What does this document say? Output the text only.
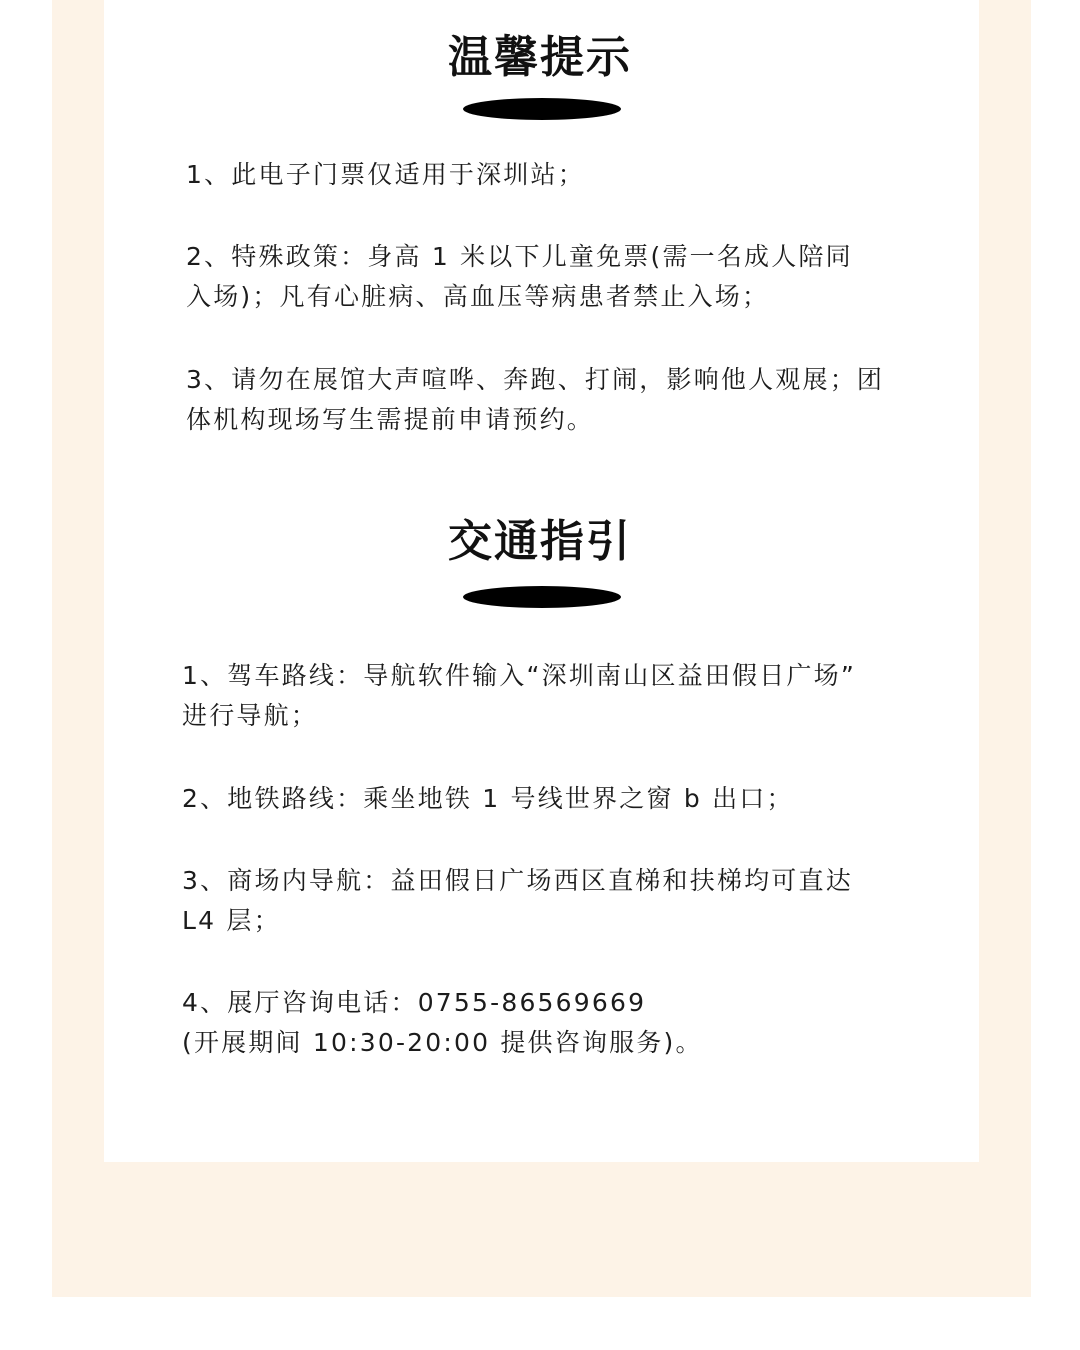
温馨提示

1、此电子门票仅适用于深圳站；

2、特殊政策：身高 1 米以下儿童免票(需一名成人陪同
入场)；凡有心脏病、高血压等病患者禁止入场；

3、请勿在展馆大声喧哗、奔跑、打闹，影响他人观展；团
体机构现场写生需提前申请预约。

交通指引

1、驾车路线：导航软件输入“深圳南山区益田假日广场”
进行导航；

2、地铁路线：乘坐地铁 1 号线世界之窗 b 出口；

3、商场内导航：益田假日广场西区直梯和扶梯均可直达
L4 层；

4、展厅咨询电话：0755-86569669
(开展期间 10:30-20:00 提供咨询服务)。
